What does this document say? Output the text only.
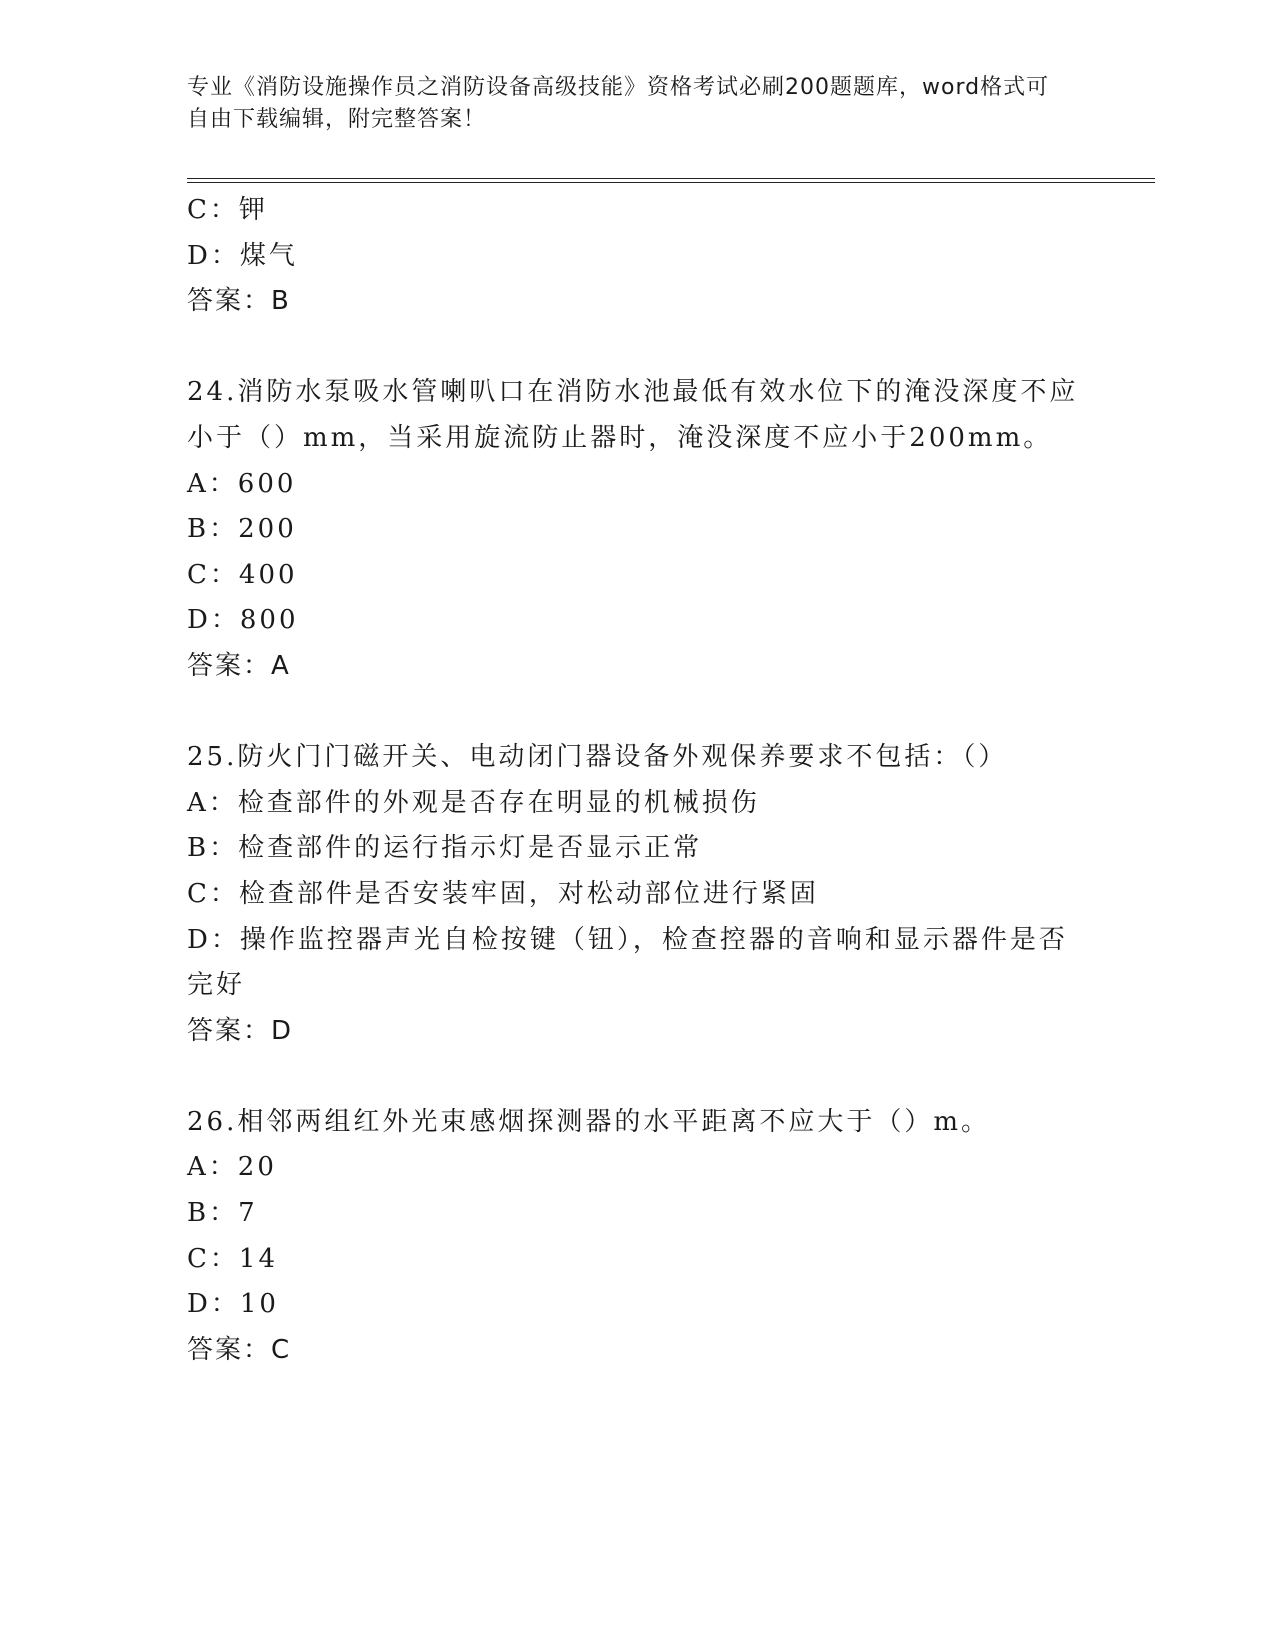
专业《消防设施操作员之消防设备高级技能》资格考试必刷200题题库，word格式可自由下载编辑，附完整答案！
C：钾
D：煤气
答案：B
24.消防水泵吸水管喇叭口在消防水池最低有效水位下的淹没深度不应
小于（）mm，当采用旋流防止器时，淹没深度不应小于200mm。
A：600
B：200
C：400
D：800
答案：A
25.防火门门磁开关、电动闭门器设备外观保养要求不包括：（）
A：检查部件的外观是否存在明显的机械损伤
B：检查部件的运行指示灯是否显示正常
C：检查部件是否安装牢固，对松动部位进行紧固
D：操作监控器声光自检按键（钮），检查控器的音响和显示器件是否
完好
答案：D
26.相邻两组红外光束感烟探测器的水平距离不应大于（）m。
A：20
B：7
C：14
D：10
答案：C
